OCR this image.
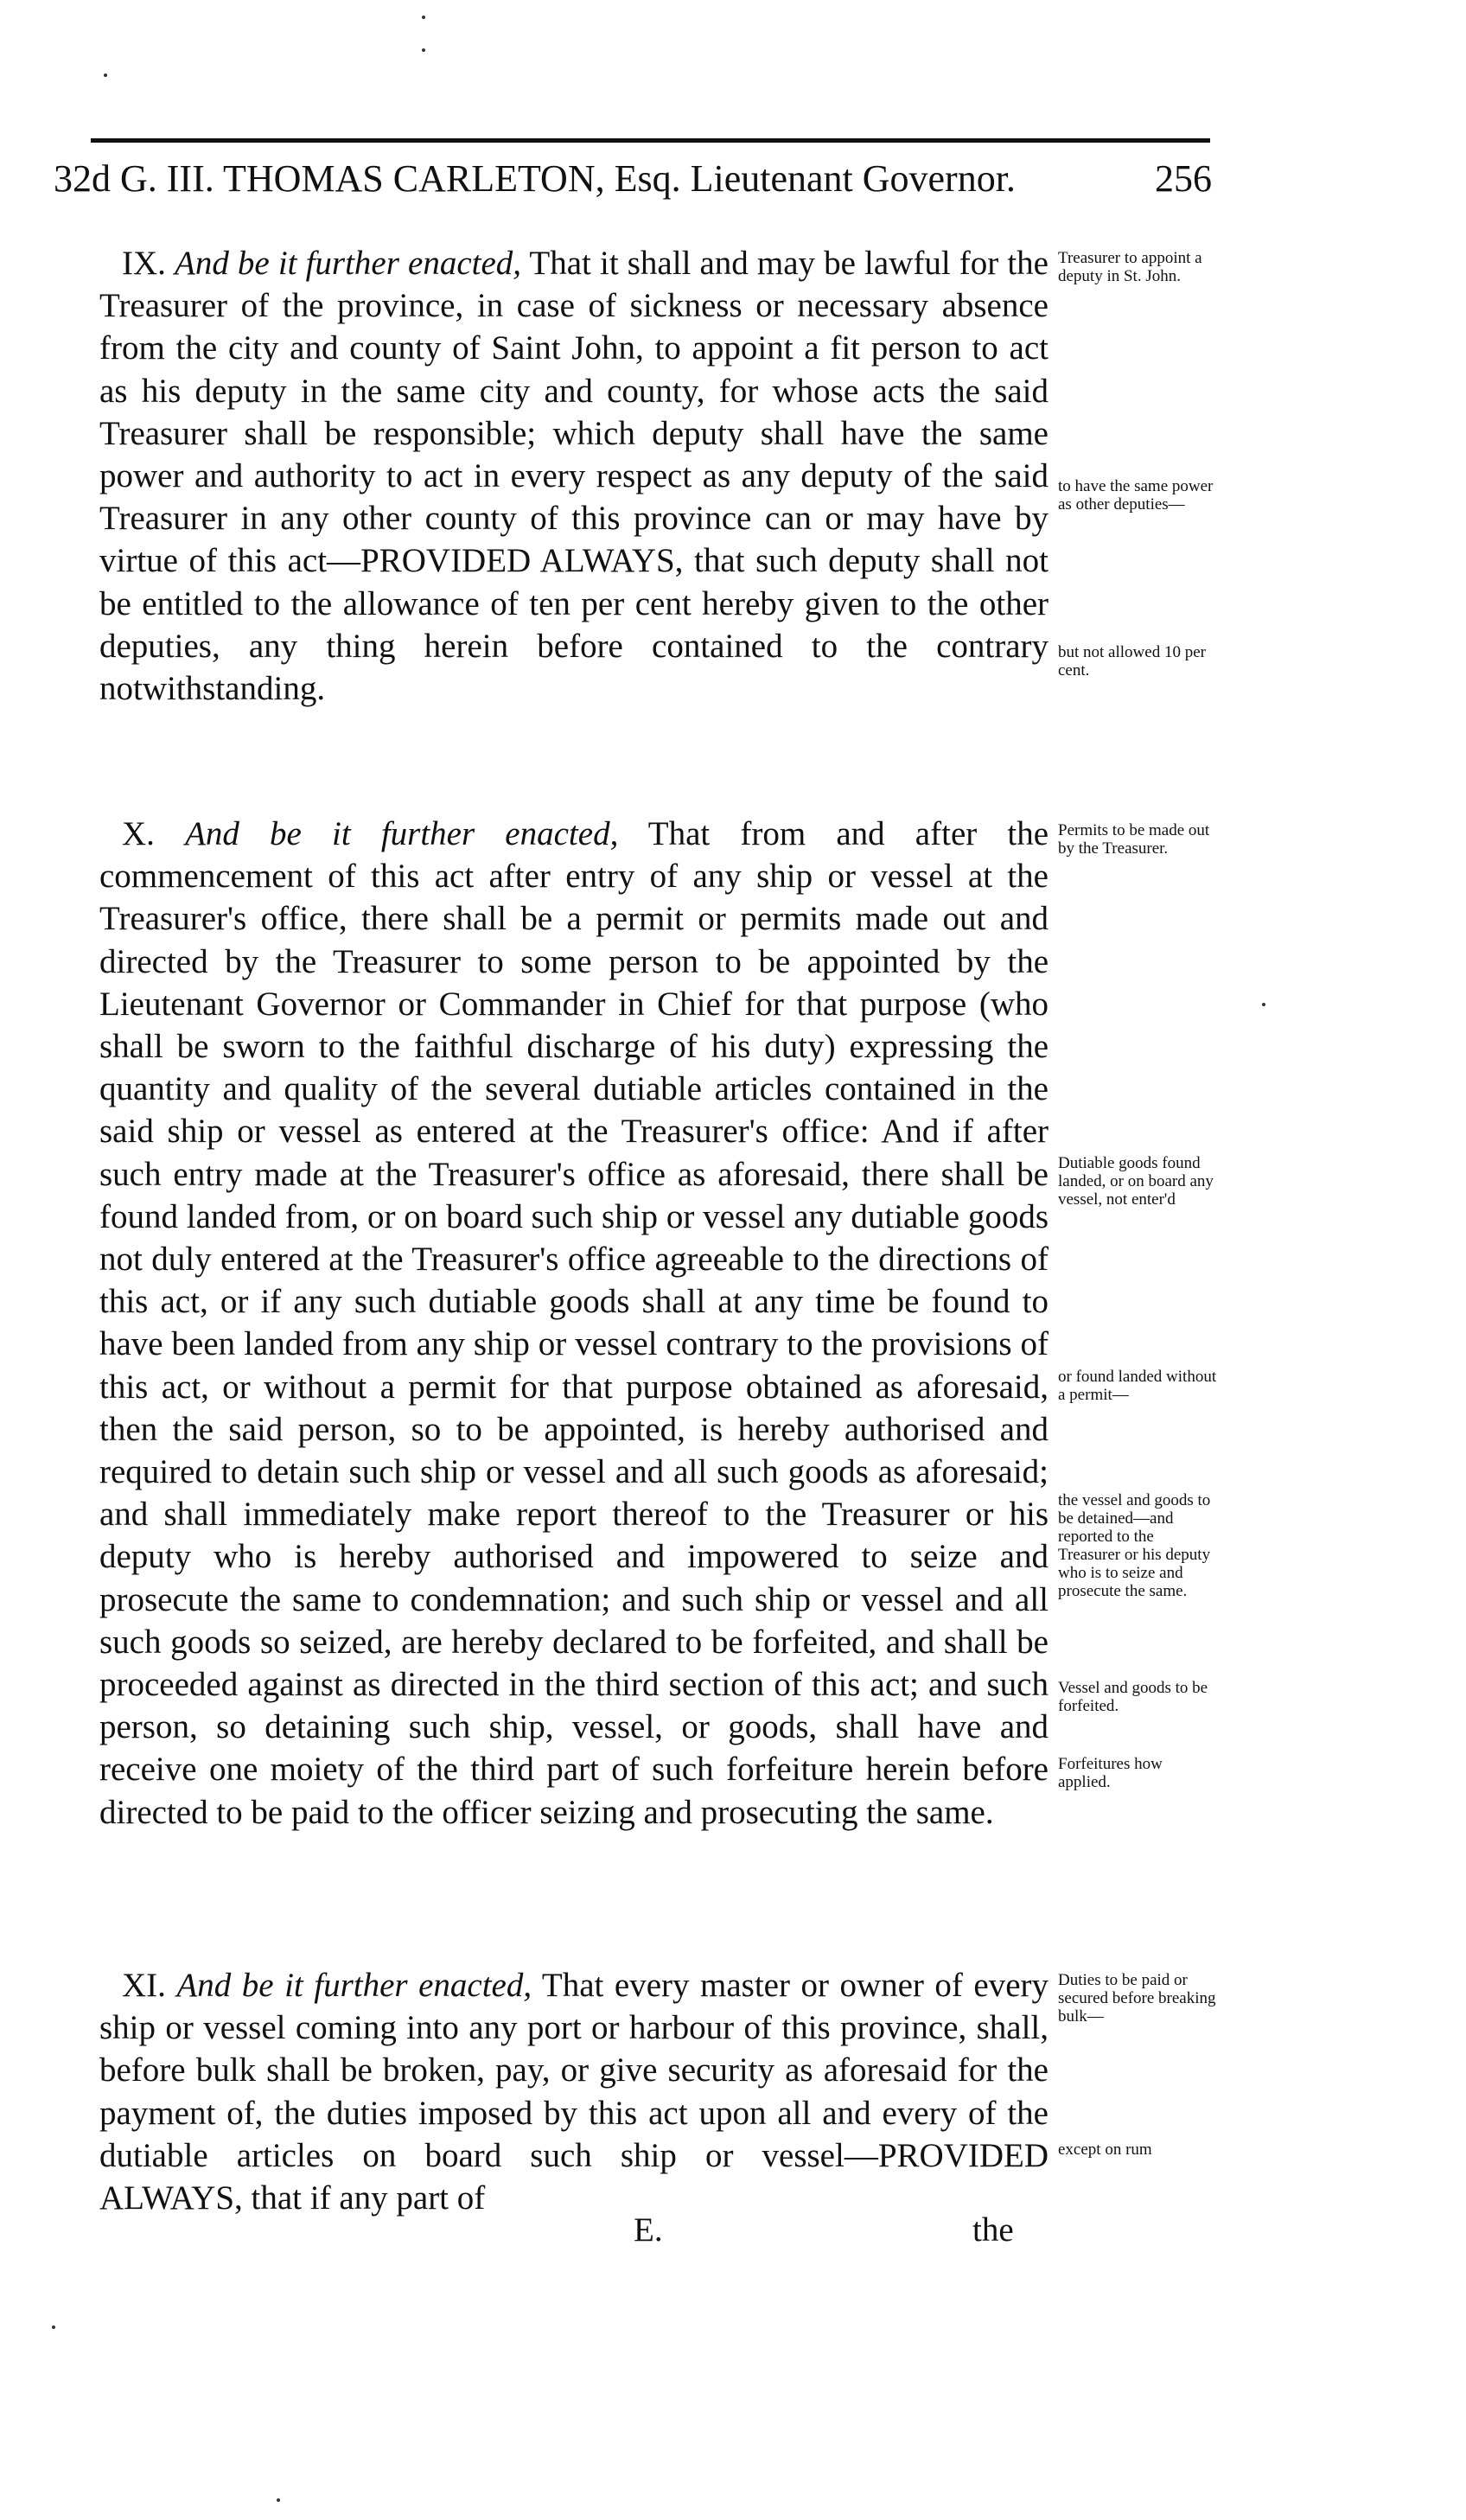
32d G. III. THOMAS CARLETON, Esq. Lieutenant Governor.	256

IX. And be it further enacted, That it shall and may be lawful for the Treasurer of the province, in case of sickness or necessary absence from the city and county of Saint John, to appoint a fit person to act as his deputy in the same city and county, for whose acts the said Treasurer shall be responsible; which deputy shall have the same power and authority to act in every respect as any deputy of the said Treasurer in any other county of this province can or may have by virtue of this act—PROVIDED ALWAYS, that such deputy shall not be entitled to the allowance of ten per cent hereby given to the other deputies, any thing herein before contained to the contrary notwithstanding.

X. And be it further enacted, That from and after the commencement of this act after entry of any ship or vessel at the Treasurer's office, there shall be a permit or permits made out and directed by the Treasurer to some person to be appointed by the Lieutenant Governor or Commander in Chief for that purpose (who shall be sworn to the faithful discharge of his duty) expressing the quantity and quality of the several dutiable articles contained in the said ship or vessel as entered at the Treasurer's office: And if after such entry made at the Treasurer's office as aforesaid, there shall be found landed from, or on board such ship or vessel any dutiable goods not duly entered at the Treasurer's office agreeable to the directions of this act, or if any such dutiable goods shall at any time be found to have been landed from any ship or vessel contrary to the provisions of this act, or without a permit for that purpose obtained as aforesaid, then the said person, so to be appointed, is hereby authorised and required to detain such ship or vessel and all such goods as aforesaid; and shall immediately make report thereof to the Treasurer or his deputy who is hereby authorised and impowered to seize and prosecute the same to condemnation; and such ship or vessel and all such goods so seized, are hereby declared to be forfeited, and shall be proceeded against as directed in the third section of this act; and such person, so detaining such ship, vessel, or goods, shall have and receive one moiety of the third part of such forfeiture herein before directed to be paid to the officer seizing and prosecuting the same.

XI. And be it further enacted, That every master or owner of every ship or vessel coming into any port or harbour of this province, shall, before bulk shall be broken, pay, or give security as aforesaid for the payment of, the duties imposed by this act upon all and every of the dutiable articles on board such ship or vessel—PROVIDED ALWAYS, that if any part of

Treasurer to appoint a deputy in St. John.
to have the same power as other deputies—
but not allowed 10 per cent.
Permits to be made out by the Treasurer.
Dutiable goods found landed, or on board any vessel, not enter'd
or found landed without a permit—
the vessel and goods to be detained—and reported to the Treasurer or his deputy who is to seize and prosecute the same.
Vessel and goods to be forfeited.
Forfeitures how applied.
Duties to be paid or secured before breaking bulk—
except on rum
E.	the
